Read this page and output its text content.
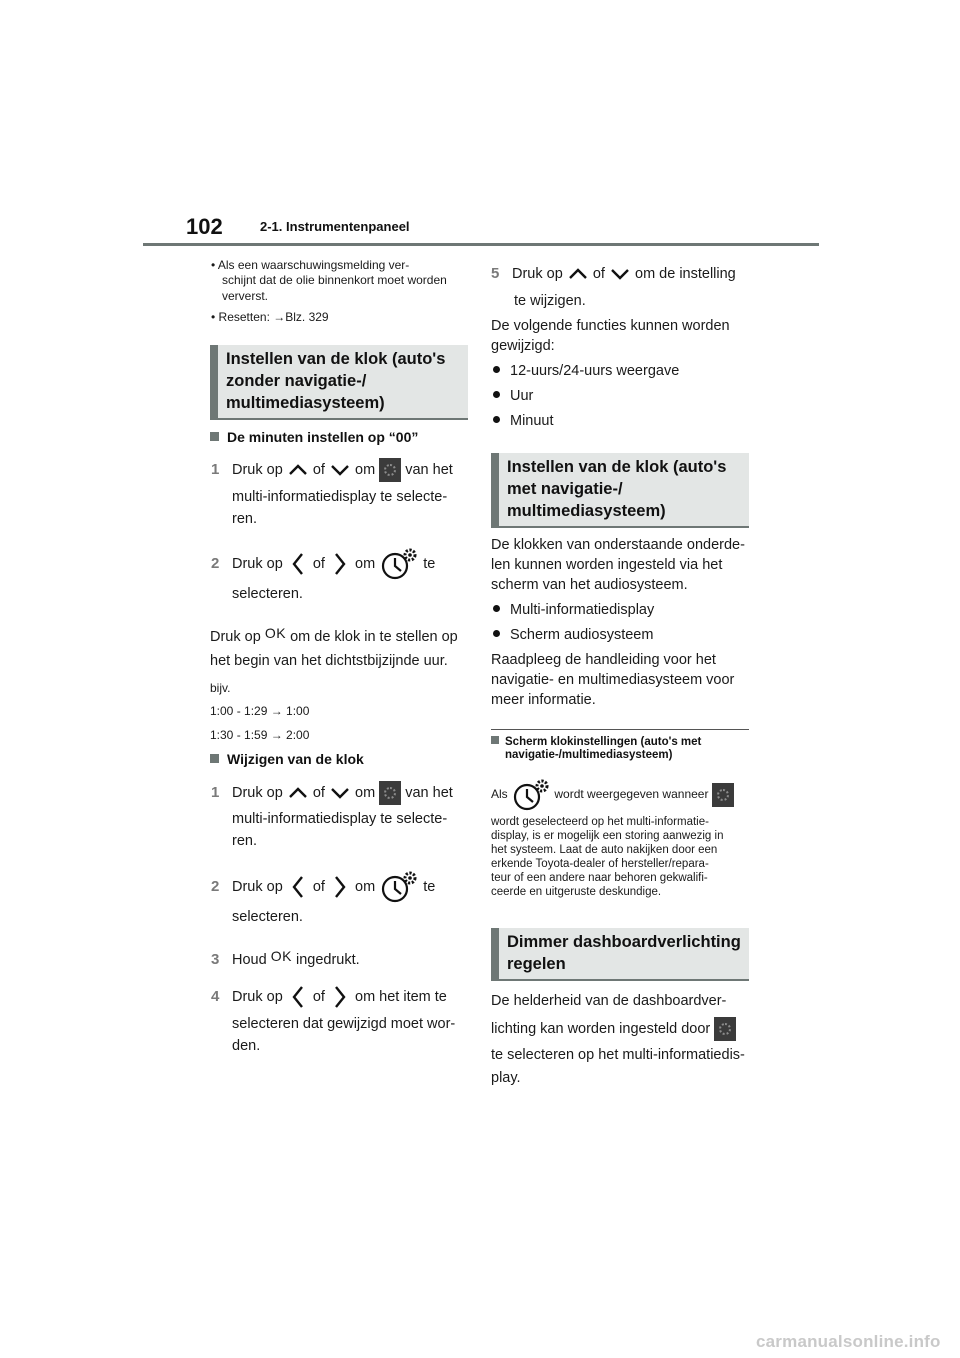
102	2-1. Instrumentenpaneel
• Als een waarschuwingsmelding ver-
schijnt dat de olie binnenkort moet worden
ververst.
• Resetten: →Blz. 329
Instellen van de klok (auto's
zonder navigatie-/
multimediasysteem)
De minuten instellen op “00”
1 Druk op of om van het
multi-informatiedisplay te selecte-
ren.
2 Druk op of om	te
selecteren.
Druk op OK om de klok in te stellen op
het begin van het dichtstbijzijnde uur.
bijv.
1:00 - 1:29 → 1:00
1:30 - 1:59 → 2:00
Wijzigen van de klok
1 Druk op of om van het
multi-informatiedisplay te selecte-
ren.
2 Druk op of om	te
selecteren.
3 Houd OK ingedrukt.
4 Druk op of om het item te
selecteren dat gewijzigd moet wor-
den.
5 Druk op of om de instelling
te wijzigen.
De volgende functies kunnen worden
gewijzigd:
12-uurs/24-uurs weergave
Uur
Minuut
Instellen van de klok (auto's
met navigatie-/
multimediasysteem)
De klokken van onderstaande onderde-
len kunnen worden ingesteld via het
scherm van het audiosysteem.
Multi-informatiedisplay
Scherm audiosysteem
Raadpleeg de handleiding voor het
navigatie- en multimediasysteem voor
meer informatie.
Scherm klokinstellingen (auto's met
navigatie-/multimediasysteem)
Als	wordt weergegeven wanneer
wordt geselecteerd op het multi-informatie-
display, is er mogelijk een storing aanwezig in
het systeem. Laat de auto nakijken door een
erkende Toyota-dealer of hersteller/repara-
teur of een andere naar behoren gekwalifi-
ceerde en uitgeruste deskundige.
Dimmer dashboardverlichting
regelen
De helderheid van de dashboardver-
lichting kan worden ingesteld door
te selecteren op het multi-informatiedis-
play.
carmanualsonline.info
